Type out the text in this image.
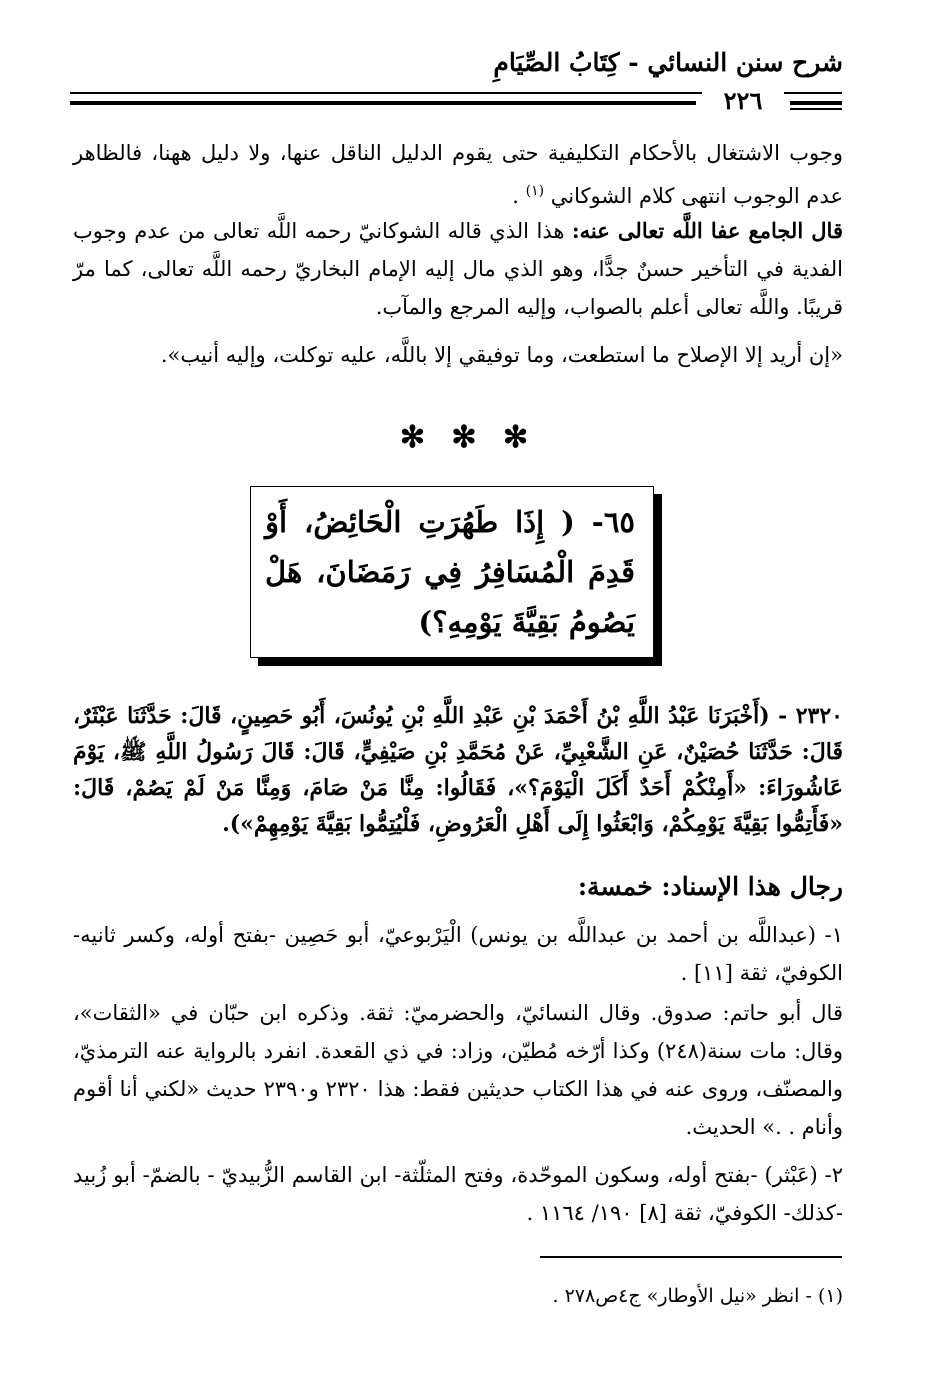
شرح سنن النسائي - كِتَابُ الصِّيَامِ
٢٢٦
وجوب الاشتغال بالأحكام التكليفية حتى يقوم الدليل الناقل عنها، ولا دليل ههنا، فالظاهر عدم الوجوب انتهى كلام الشوكاني $^{(١)}$ .
قال الجامع عفا اللَّه تعالى عنه: هذا الذي قاله الشوكانيّ رحمه اللَّه تعالى من عدم وجوب الفدية في التأخير حسنٌ جدًّا، وهو الذي مال إليه الإمام البخاريّ رحمه اللَّه تعالى، كما مرّ قريبًا. واللَّه تعالى أعلم بالصواب، وإليه المرجع والمآب.
«إن أريد إلا الإصلاح ما استطعت، وما توفيقي إلا باللَّه، عليه توكلت، وإليه أنيب».
✻ ✻ ✻
٦٥- ( إِذَا طَهُرَتِ الْحَائِضُ، أَوْ قَدِمَ الْمُسَافِرُ فِي رَمَضَانَ، هَلْ يَصُومُ بَقِيَّةَ يَوْمِهِ؟)
٢٣٢٠ - (أَخْبَرَنَا عَبْدُ اللَّهِ بْنُ أَحْمَدَ بْنِ عَبْدِ اللَّهِ بْنِ يُونُسَ، أَبُو حَصِينٍ، قَالَ: حَدَّثَنَا عَبْثَرٌ، قَالَ: حَدَّثَنَا حُصَيْنٌ، عَنِ الشَّعْبِيِّ، عَنْ مُحَمَّدِ بْنِ صَيْفِيٍّ، قَالَ: قَالَ رَسُولُ اللَّهِ ﷺ، يَوْمَ عَاشُورَاءَ: «أَمِنْكُمْ أَحَدٌ أَكَلَ الْيَوْمَ؟»، فَقَالُوا: مِنَّا مَنْ صَامَ، وَمِنَّا مَنْ لَمْ يَصُمْ، قَالَ: «فَأَتِمُّوا بَقِيَّةَ يَوْمِكُمْ، وَابْعَثُوا إِلَى أَهْلِ الْعَرُوضِ، فَلْيُتِمُّوا بَقِيَّةَ يَوْمِهِمْ»).
رجال هذا الإسناد: خمسة:
١- (عبداللَّه بن أحمد بن عبداللَّه بن يونس) الْيَرْبوعيّ، أبو حَصِين -بفتح أوله، وكسر ثانيه- الكوفيّ، ثقة [١١] .
قال أبو حاتم: صدوق. وقال النسائيّ، والحضرميّ: ثقة. وذكره ابن حبّان في «الثقات»، وقال: مات سنة(٢٤٨) وكذا أرّخه مُطيّن، وزاد: في ذي القعدة. انفرد بالرواية عنه الترمذيّ، والمصنّف، وروى عنه في هذا الكتاب حديثين فقط: هذا ٢٣٢٠ و٢٣٩٠ حديث «لكني أنا أقوم وأنام . .» الحديث.
٢- (عَبْثر) -بفتح أوله، وسكون الموحّدة، وفتح المثلّثة- ابن القاسم الزُّبيديّ - بالضمّ- أبو زُبيد -كذلك- الكوفيّ، ثقة [٨] ١٩٠/ ١١٦٤ .
(١) - انظر «نيل الأوطار» ج٤ص٢٧٨ .
